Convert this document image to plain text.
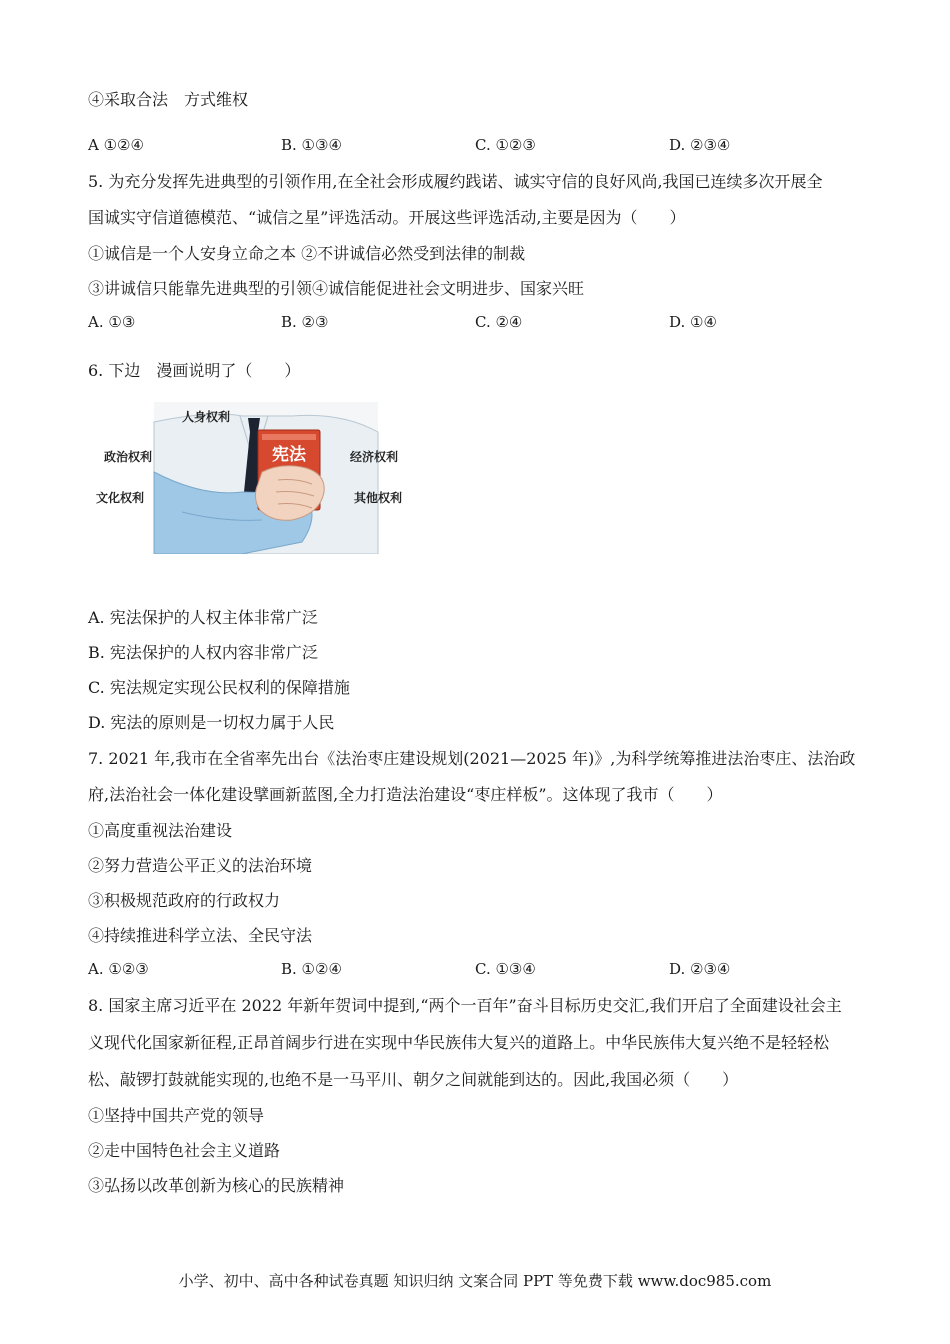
④采取合法　方式维权
A ①②④	B. ①③④	C. ①②③	D. ②③④
5. 为充分发挥先进典型的引领作用,在全社会形成履约践诺、诚实守信的良好风尚,我国已连续多次开展全
国诚实守信道德模范、“诚信之星”评选活动。开展这些评选活动,主要是因为（　　）
①诚信是一个人安身立命之本 ②不讲诚信必然受到法律的制裁
③讲诚信只能靠先进典型的引领④诚信能促进社会文明进步、国家兴旺
A. ①③	B. ②③	C. ②④	D. ①④
6. 下边　漫画说明了（　　）
宪法
人身权利
政治权利
文化权利
经济权利
其他权利
A. 宪法保护的人权主体非常广泛
B. 宪法保护的人权内容非常广泛
C. 宪法规定实现公民权利的保障措施
D. 宪法的原则是一切权力属于人民
7. 2021 年,我市在全省率先出台《法治枣庄建设规划(2021—2025 年)》,为科学统筹推进法治枣庄、法治政
府,法治社会一体化建设擘画新蓝图,全力打造法治建设“枣庄样板”。这体现了我市（　　）
①高度重视法治建设
②努力营造公平正义的法治环境
③积极规范政府的行政权力
④持续推进科学立法、全民守法
A. ①②③	B. ①②④	C. ①③④	D. ②③④
8. 国家主席习近平在 2022 年新年贺词中提到,“两个一百年”奋斗目标历史交汇,我们开启了全面建设社会主
义现代化国家新征程,正昂首阔步行进在实现中华民族伟大复兴的道路上。中华民族伟大复兴绝不是轻轻松
松、敲锣打鼓就能实现的,也绝不是一马平川、朝夕之间就能到达的。因此,我国必须（　　）
①坚持中国共产党的领导
②走中国特色社会主义道路
③弘扬以改革创新为核心的民族精神
小学、初中、高中各种试卷真题 知识归纳 文案合同 PPT 等免费下载 www.doc985.com
